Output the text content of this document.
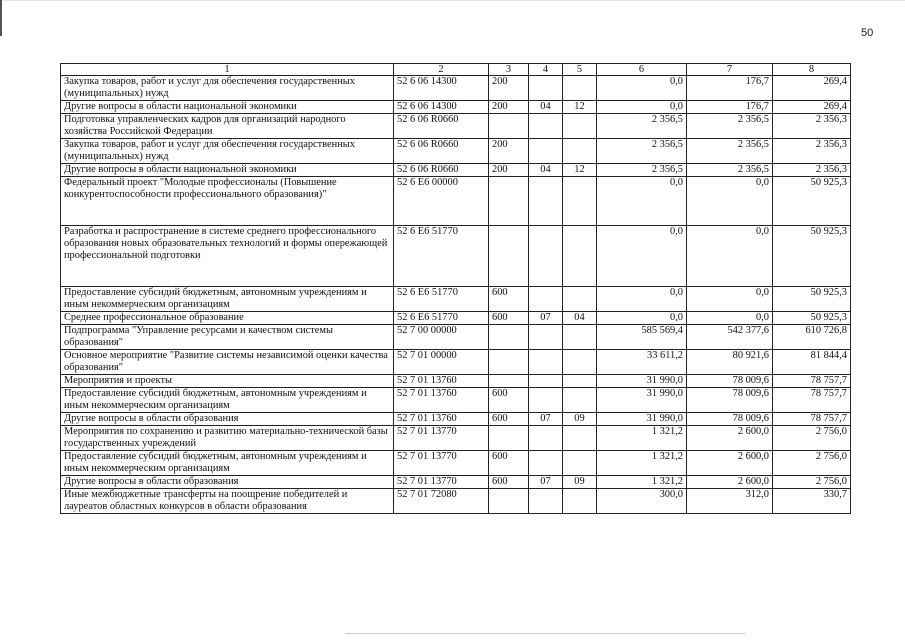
50
1	2	3	4	5	6	7	8
Закупка товаров, работ и услуг для обеспечения государственных (муниципальных) нужд	52 6 06 14300	200			0,0	176,7	269,4
Другие вопросы в области национальной экономики	52 6 06 14300	200	04	12	0,0	176,7	269,4
Подготовка управленческих кадров для организаций народного хозяйства Российской Федерации	52 6 06 R0660				2 356,5	2 356,5	2 356,3
Закупка товаров, работ и услуг для обеспечения государственных (муниципальных) нужд	52 6 06 R0660	200			2 356,5	2 356,5	2 356,3
Другие вопросы в области национальной экономики	52 6 06 R0660	200	04	12	2 356,5	2 356,5	2 356,3
Федеральный проект "Молодые профессионалы (Повышение конкурентоспособности профессионального образования)"	52 6 E6 00000				0,0	0,0	50 925,3
Разработка и распространение в системе среднего профессионального образования новых образовательных технологий и формы опережающей профессиональной подготовки	52 6 E6 51770				0,0	0,0	50 925,3
Предоставление субсидий бюджетным, автономным учреждениям и иным некоммерческим организациям	52 6 E6 51770	600			0,0	0,0	50 925,3
Среднее профессиональное образование	52 6 E6 51770	600	07	04	0,0	0,0	50 925,3
Подпрограмма "Управление ресурсами и качеством системы образования"	52 7 00 00000				585 569,4	542 377,6	610 726,8
Основное мероприятие "Развитие системы независимой оценки качества образования"	52 7 01 00000				33 611,2	80 921,6	81 844,4
Мероприятия и проекты	52 7 01 13760				31 990,0	78 009,6	78 757,7
Предоставление субсидий бюджетным, автономным учреждениям и иным некоммерческим организациям	52 7 01 13760	600			31 990,0	78 009,6	78 757,7
Другие вопросы в области образования	52 7 01 13760	600	07	09	31 990,0	78 009,6	78 757,7
Мероприятия по сохранению и развитию материально-технической базы государственных учреждений	52 7 01 13770				1 321,2	2 600,0	2 756,0
Предоставление субсидий бюджетным, автономным учреждениям и иным некоммерческим организациям	52 7 01 13770	600			1 321,2	2 600,0	2 756,0
Другие вопросы в области образования	52 7 01 13770	600	07	09	1 321,2	2 600,0	2 756,0
Иные межбюджетные трансферты на поощрение победителей и лауреатов областных конкурсов в области образования	52 7 01 72080				300,0	312,0	330,7
